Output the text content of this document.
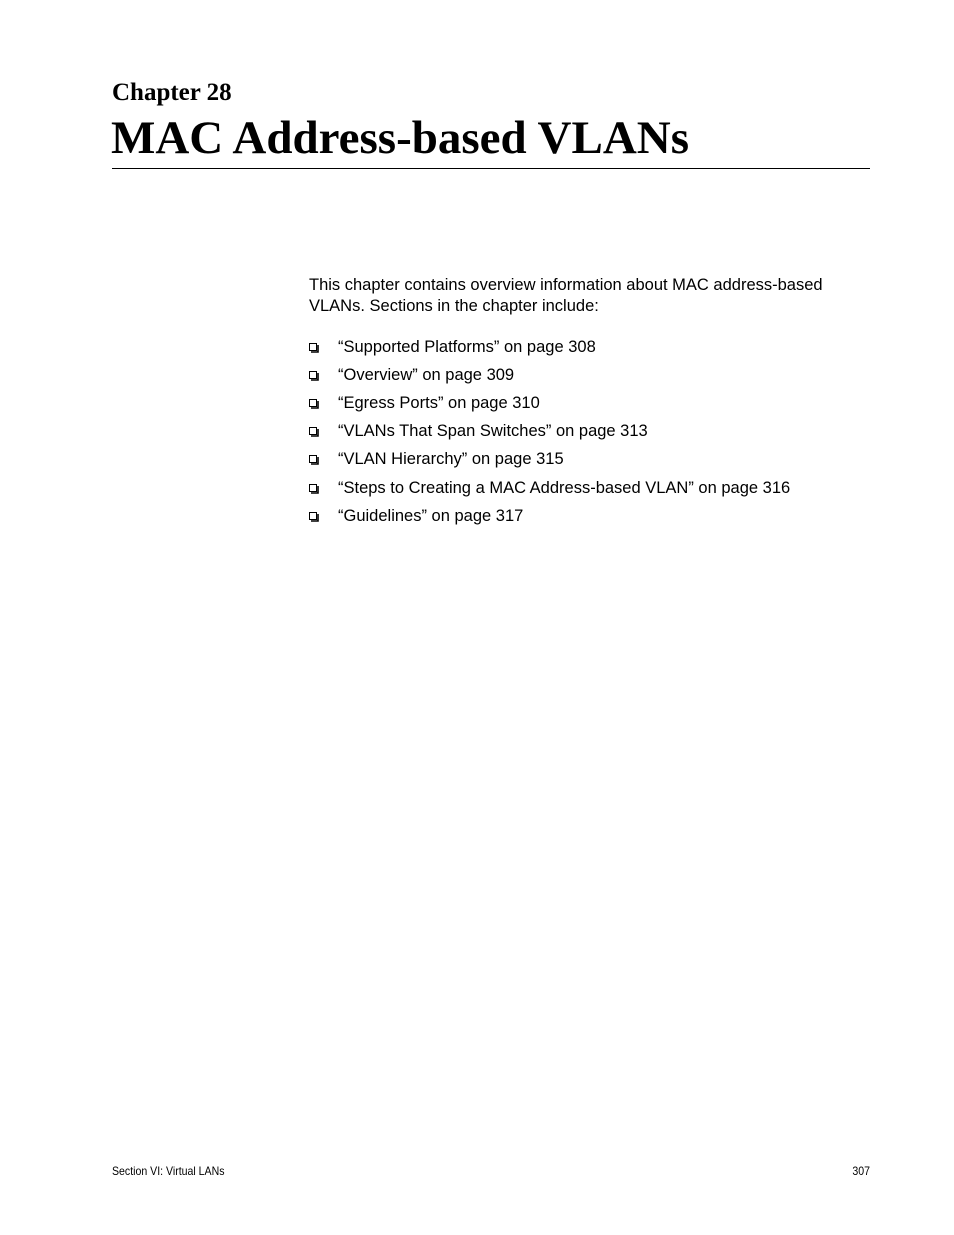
Chapter 28
MAC Address-based VLANs

This chapter contains overview information about MAC address-based VLANs. Sections in the chapter include:

“Supported Platforms” on page 308
“Overview” on page 309
“Egress Ports” on page 310
“VLANs That Span Switches” on page 313
“VLAN Hierarchy” on page 315
“Steps to Creating a MAC Address-based VLAN” on page 316
“Guidelines” on page 317
Section VI: Virtual LANs	307
